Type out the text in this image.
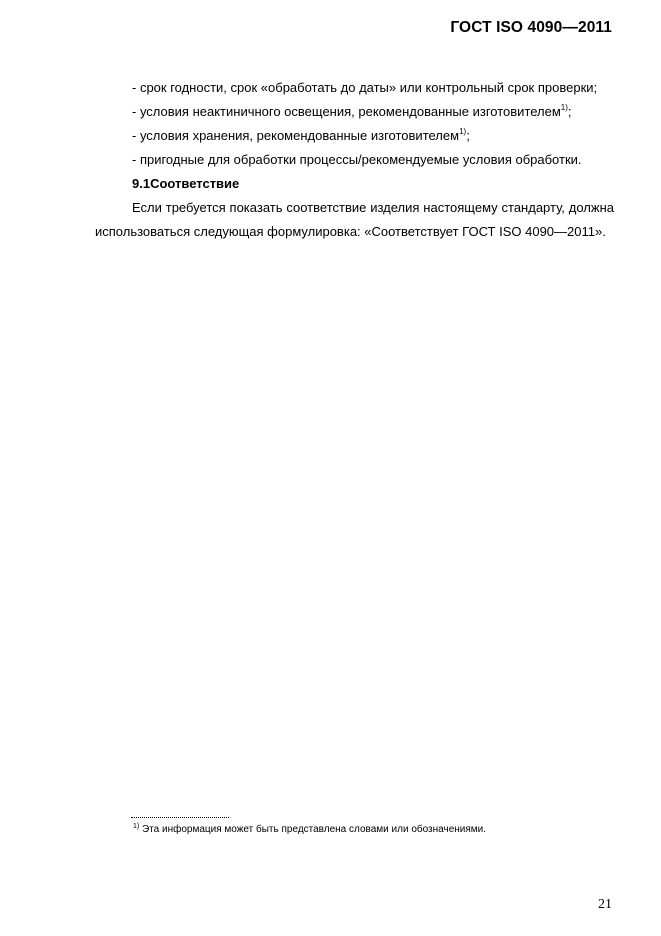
ГОСТ ISO 4090—2011

- срок годности, срок «обработать до даты» или контрольный срок проверки;

- условия неактиничного освещения, рекомендованные изготовителем$^{1)}$;

- условия хранения, рекомендованные изготовителем$^{1)}$;

- пригодные для обработки процессы/рекомендуемые условия обработки.

9.1Соответствие

Если требуется показать соответствие изделия настоящему стандарту, должна использоваться следующая формулировка: «Соответствует ГОСТ ISO 4090—2011».

$^{1)}$ Эта информация может быть представлена словами или обозначениями.
21
